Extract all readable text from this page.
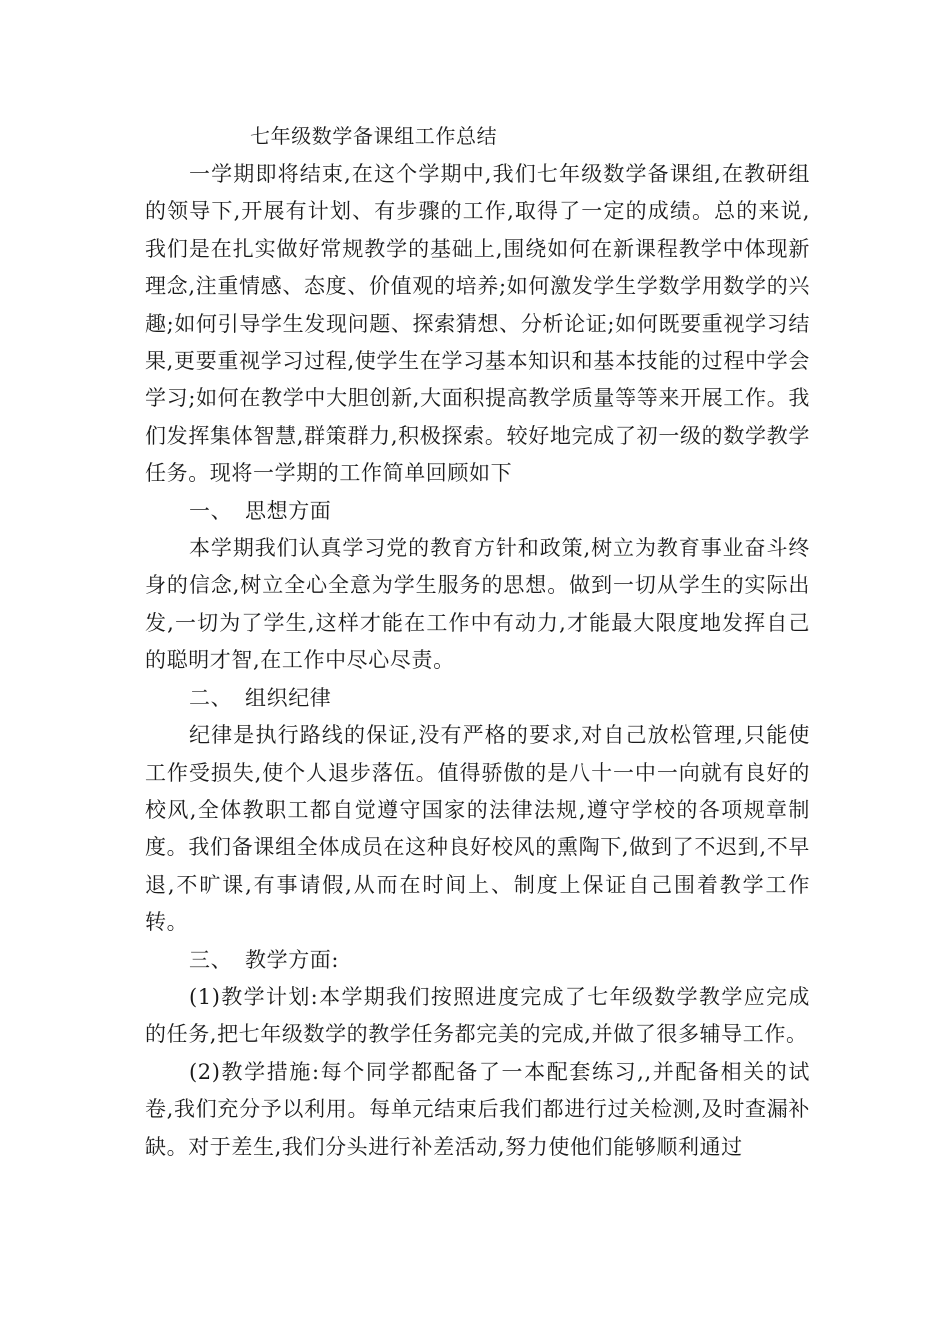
七年级数学备课组工作总结

一学期即将结束,在这个学期中,我们七年级数学备课组,在教研组的领导下,开展有计划、有步骤的工作,取得了一定的成绩。总的来说,我们是在扎实做好常规教学的基础上,围绕如何在新课程教学中体现新理念,注重情感、态度、价值观的培养;如何激发学生学数学用数学的兴趣;如何引导学生发现问题、探索猜想、分析论证;如何既要重视学习结果,更要重视学习过程,使学生在学习基本知识和基本技能的过程中学会学习;如何在教学中大胆创新,大面积提高教学质量等等来开展工作。我们发挥集体智慧,群策群力,积极探索。较好地完成了初一级的数学教学任务。现将一学期的工作简单回顾如下

一、 思想方面

本学期我们认真学习党的教育方针和政策,树立为教育事业奋斗终身的信念,树立全心全意为学生服务的思想。做到一切从学生的实际出发,一切为了学生,这样才能在工作中有动力,才能最大限度地发挥自己的聪明才智,在工作中尽心尽责。

二、 组织纪律

纪律是执行路线的保证,没有严格的要求,对自己放松管理,只能使工作受损失,使个人退步落伍。值得骄傲的是八十一中一向就有良好的校风,全体教职工都自觉遵守国家的法律法规,遵守学校的各项规章制度。我们备课组全体成员在这种良好校风的熏陶下,做到了不迟到,不早退,不旷课,有事请假,从而在时间上、制度上保证自己围着教学工作转。

三、 教学方面:

(1)教学计划:本学期我们按照进度完成了七年级数学教学应完成的任务,把七年级数学的教学任务都完美的完成,并做了很多辅导工作。

(2)教学措施:每个同学都配备了一本配套练习,,并配备相关的试卷,我们充分予以利用。每单元结束后我们都进行过关检测,及时查漏补缺。对于差生,我们分头进行补差活动,努力使他们能够顺利通过
